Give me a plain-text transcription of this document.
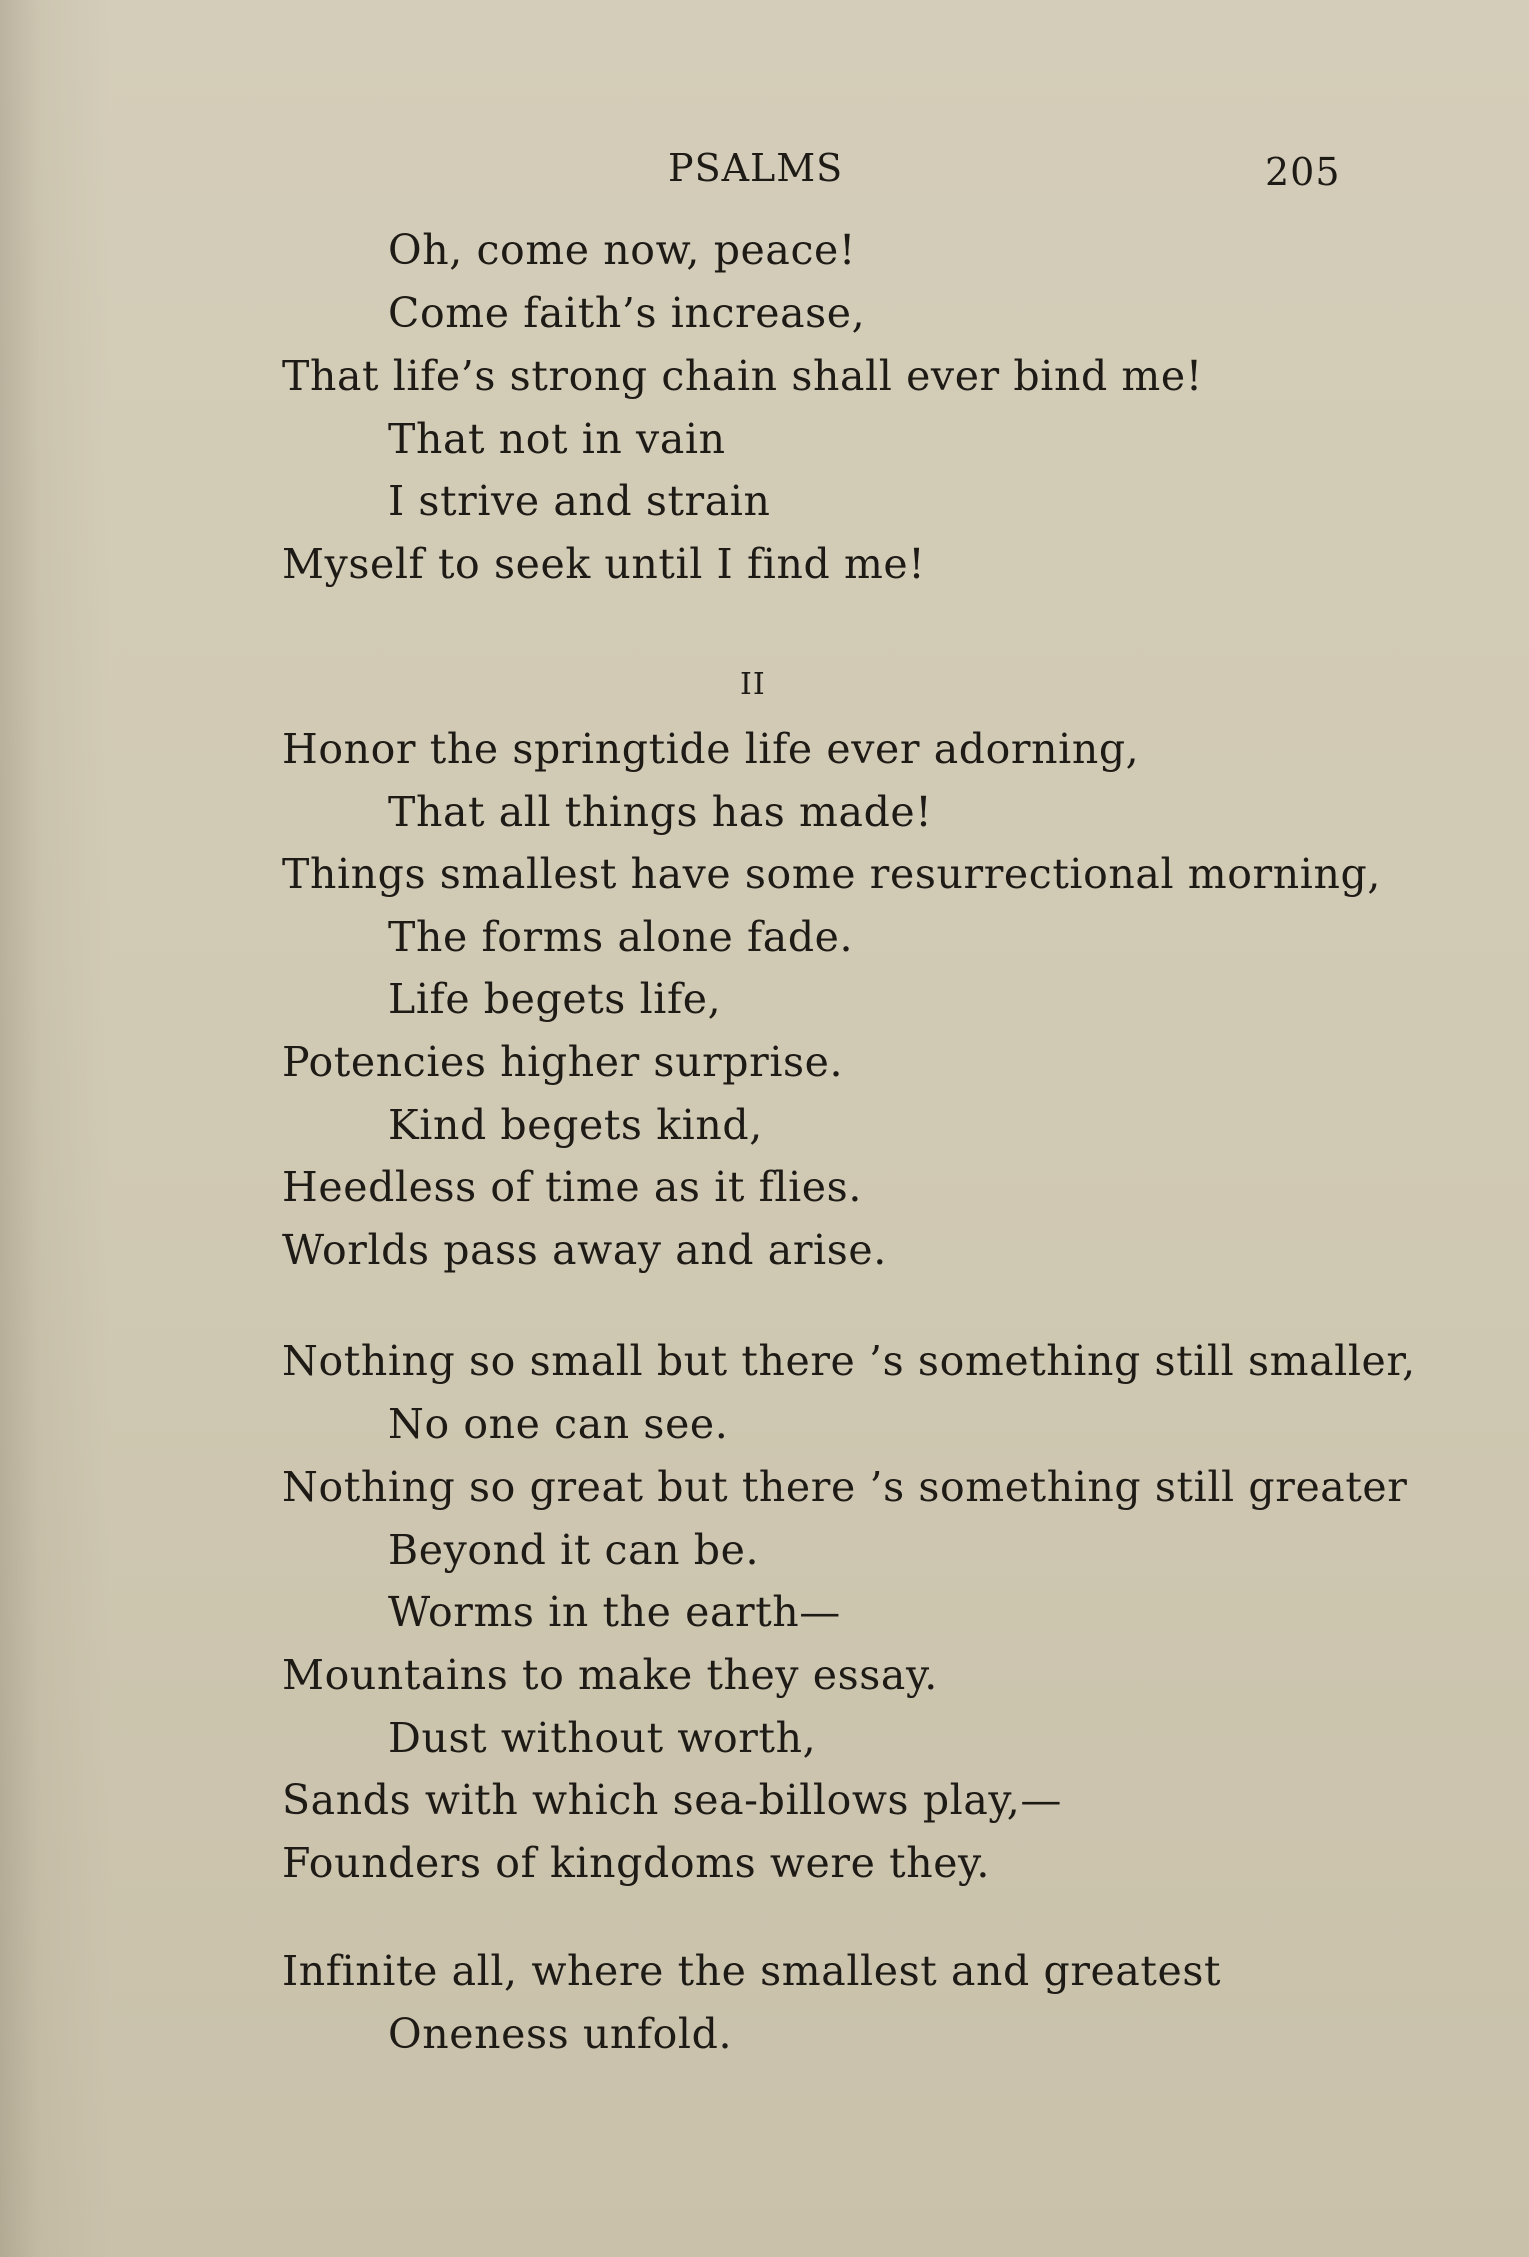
PSALMS	205
Oh, come now, peace!
Come faith’s increase,
That life’s strong chain shall ever bind me!
That not in vain
I strive and strain
Myself to seek until I find me!
Honor the springtide life ever adorning,
That all things has made!
Things smallest have some resurrectional morning,
The forms alone fade.
Life begets life,
Potencies higher surprise.
Kind begets kind,
Heedless of time as it flies.
Worlds pass away and arise.
Nothing so small but there ’s something still smaller,
No one can see.
Nothing so great but there ’s something still greater
Beyond it can be.
Worms in the earth—
Mountains to make they essay.
Dust without worth,
Sands with which sea-billows play,—
Founders of kingdoms were they.
Infinite all, where the smallest and greatest
Oneness unfold.
II
